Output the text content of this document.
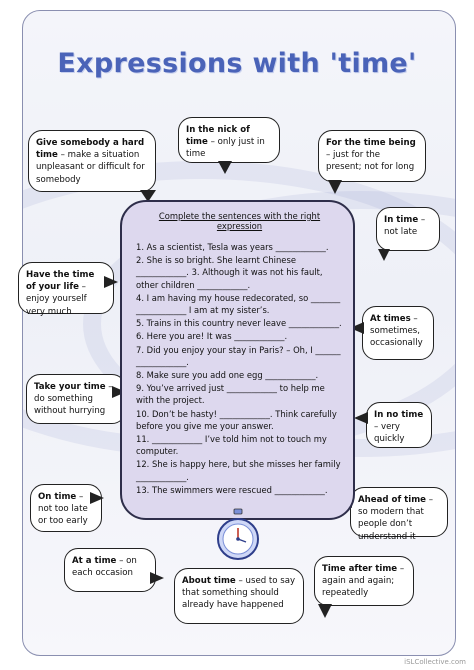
Expressions with 'time'
Give somebody a hard time – make a situation unpleasant or difficult for somebody
In the nick of time – only just in time
For the time being – just for the present; not for long
In time – not late
Have the time of your life – enjoy yourself very much
At times – sometimes, occasionally
Take your time – do something without hurrying	In no time – very quickly
On time – not too late or too early
Ahead of time – so modern that people don’t understand it
At a time – on each occasion
About time – used to say that something should already have happened
Time after time – again and again; repeatedly
Complete the sentences with the right expression
1. As a scientist, Tesla was years ____________.
2. She is so bright. She learnt Chinese ____________. 3. Although it was not his fault, other children ____________.
4. I am having my house redecorated, so _______ ____________ I am at my sister’s.
5. Trains in this country never leave ____________.
6. Here you are! It was ____________.
7. Did you enjoy your stay in Paris? – Oh, I ______ ____________.
8. Make sure you add one egg ____________.
9. You’ve arrived just ____________ to help me with the project.
10. Don’t be hasty! ____________. Think carefully before you give me your answer.
11. ____________ I’ve told him not to touch my computer.
12. She is happy here, but she misses her family ____________.
13. The swimmers were rescued ____________.
iSLCollective.com
